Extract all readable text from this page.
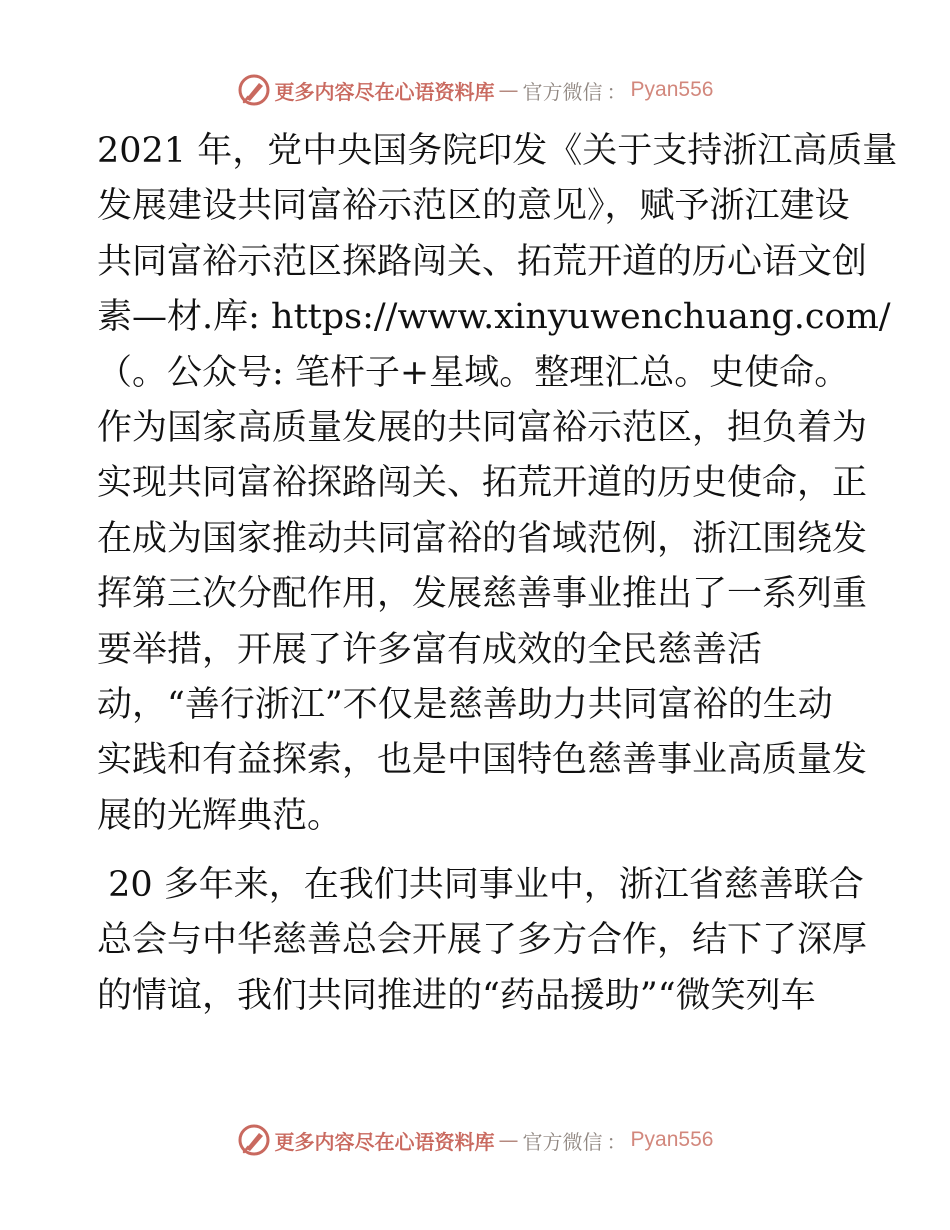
更多内容尽在心语资料库 — 官方微信 ： Pyan556
2021 年，党中央国务院印发《关于支持浙江高质量
发展建设共同富裕示范区的意见》，赋予浙江建设
共同富裕示范区探路闯关、拓荒开道的历心语文创
素—材.库: https://www.xinyuwenchuang.com/
（。公众号: 笔杆子+星域。整理汇总。史使命。
作为国家高质量发展的共同富裕示范区，担负着为
实现共同富裕探路闯关、拓荒开道的历史使命，正
在成为国家推动共同富裕的省域范例，浙江围绕发
挥第三次分配作用，发展慈善事业推出了一系列重
要举措，开展了许多富有成效的全民慈善活
动，“善行浙江”不仅是慈善助力共同富裕的生动
实践和有益探索，也是中国特色慈善事业高质量发
展的光辉典范。
20 多年来，在我们共同事业中，浙江省慈善联合
总会与中华慈善总会开展了多方合作，结下了深厚
的情谊，我们共同推进的“药品援助”“微笑列车
更多内容尽在心语资料库 — 官方微信 ： Pyan556
